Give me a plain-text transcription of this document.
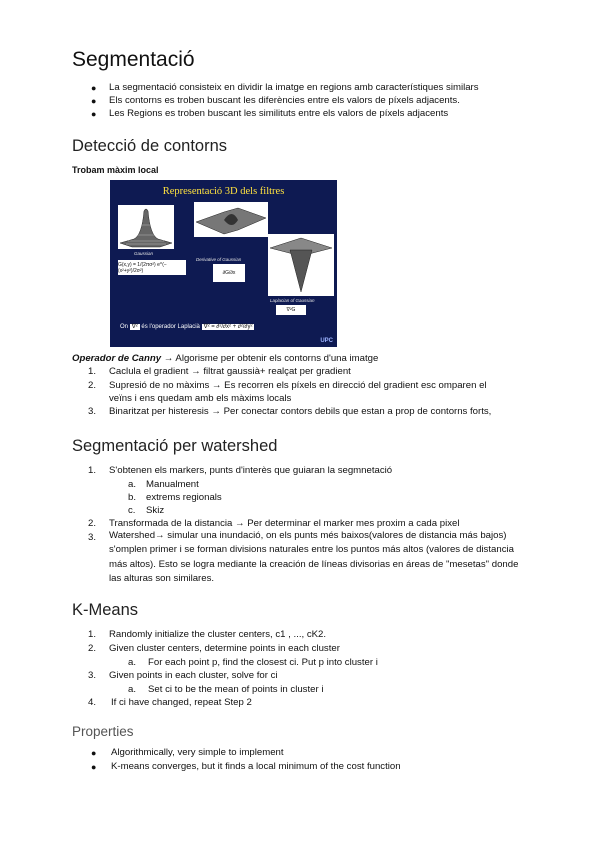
Segmentació
● La segmentació consisteix en dividir la imatge en regions amb característiques similars
● Els contorns es troben buscant les diferències entre els valors de píxels adjacents.
● Les Regions es troben buscant les similituts entre els valors de píxels adjacents
Detecció de contorns
Trobam màxim local
Representació 3D dels filtres
Gaussian
G(x,y) = 1/(2πσ²) e^(−(x²+y²)/2σ²)
Derivative of Gaussian
∂G/∂x
Laplacian of Gaussian
∇²G
On ∇² és l'operador Laplacià ∇² = ∂²/∂x² + ∂²/∂y²
UPC
Operador de Canny → Algorisme per obtenir els contorns d'una imatge
1. Caclula el gradient → filtrat gaussià+ realçat per gradient
2. Supresió de no màxims → Es recorren els píxels en direcció del gradient esc omparen el
veïns i ens quedam amb els màxims locals
3. Binaritzat per histeresis → Per conectar contors debils que estan a prop de contorns forts,
Segmentació per watershed
1. S'obtenen els markers, punts d'interès que guiaran la segmnetació
a. Manualment
b. extrems regionals
c. Skiz
2. Transformada de la distancia → Per determinar el marker mes proxim a cada pixel
3. Watershed→ simular una inundació, on els punts més baixos(valores de distancia más bajos) s'omplen primer i se forman divisions naturales entre los puntos más altos (valores de distancia más altos). Esto se logra mediante la creación de líneas divisorias en áreas de "mesetas" donde las alturas son similares.
K-Means
1. Randomly initialize the cluster centers, c1 , ..., cK2.
2. Given cluster centers, determine points in each cluster
a. For each point p, find the closest ci. Put p into cluster i
3. Given points in each cluster, solve for ci
a. Set ci to be the mean of points in cluster i
4. If ci have changed, repeat Step 2
Properties
● Algorithmically, very simple to implement
● K-means converges, but it finds a local minimum of the cost function
